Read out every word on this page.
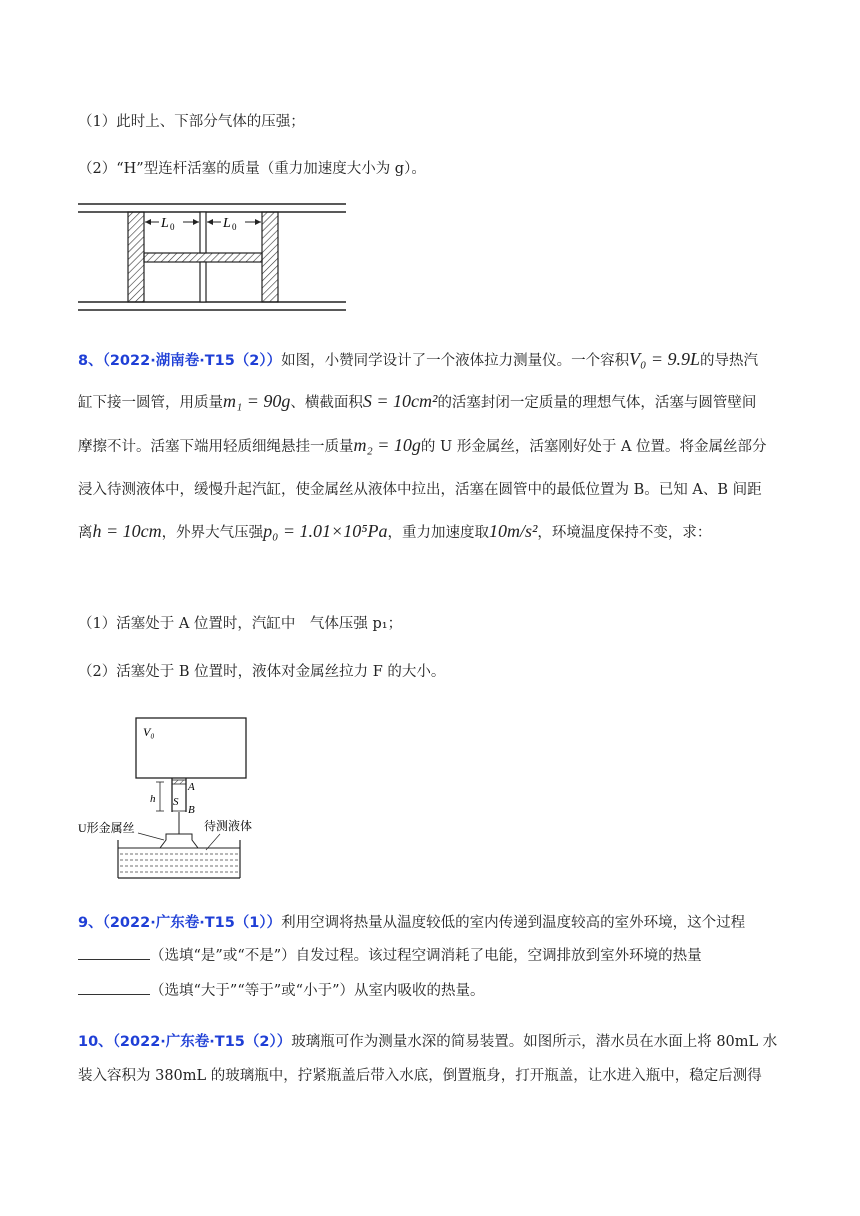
（1）此时上、下部分气体的压强；
（2）“H”型连杆活塞的质量（重力加速度大小为 g）。
L 0	L 0
8、（2022·湖南卷·T15（2））如图，小赞同学设计了一个液体拉力测量仪。一个容积V₀ = 9.9L的导热汽
缸下接一圆管，用质量m₁ = 90g、横截面积S = 10cm²的活塞封闭一定质量的理想气体，活塞与圆管壁间
摩擦不计。活塞下端用轻质细绳悬挂一质量m₂ = 10g的 U 形金属丝，活塞刚好处于 A 位置。将金属丝部分
浸入待测液体中，缓慢升起汽缸，使金属丝从液体中拉出，活塞在圆管中的最低位置为 B。已知 A、B 间距
离h = 10cm，外界大气压强p₀ = 1.01×10⁵Pa，重力加速度取10m/s²，环境温度保持不变，求：
（1）活塞处于 A 位置时，汽缸中　气体压强 p₁；
（2）活塞处于 B 位置时，液体对金属丝拉力 F 的大小。
V₀
S
A
B
h
U形金属丝	待测液体
9、（2022·广东卷·T15（1））利用空调将热量从温度较低的室内传递到温度较高的室外环境，这个过程
（选填“是”或“不是”）自发过程。该过程空调消耗了电能，空调排放到室外环境的热量
（选填“大于”“等于”或“小于”）从室内吸收的热量。
10、（2022·广东卷·T15（2））玻璃瓶可作为测量水深的简易装置。如图所示，潜水员在水面上将 80mL 水
装入容积为 380mL 的玻璃瓶中，拧紧瓶盖后带入水底，倒置瓶身，打开瓶盖，让水进入瓶中，稳定后测得
